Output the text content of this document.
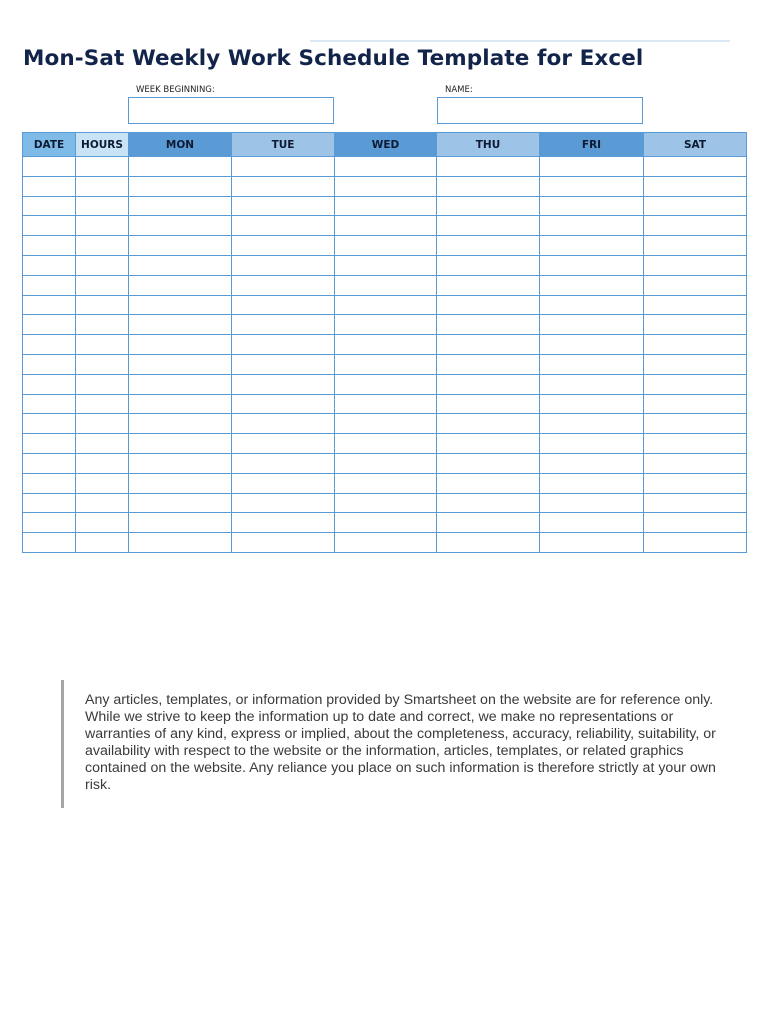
Mon-Sat Weekly Work Schedule Template for Excel
WEEK BEGINNING:	NAME:
DATE	HOURS	MON	TUE	WED	THU	FRI	SAT

Any articles, templates, or information provided by Smartsheet on the website are for reference only. While we strive to keep the information up to date and correct, we make no representations or warranties of any kind, express or implied, about the completeness, accuracy, reliability, suitability, or availability with respect to the website or the information, articles, templates, or related graphics contained on the website. Any reliance you place on such information is therefore strictly at your own risk.
